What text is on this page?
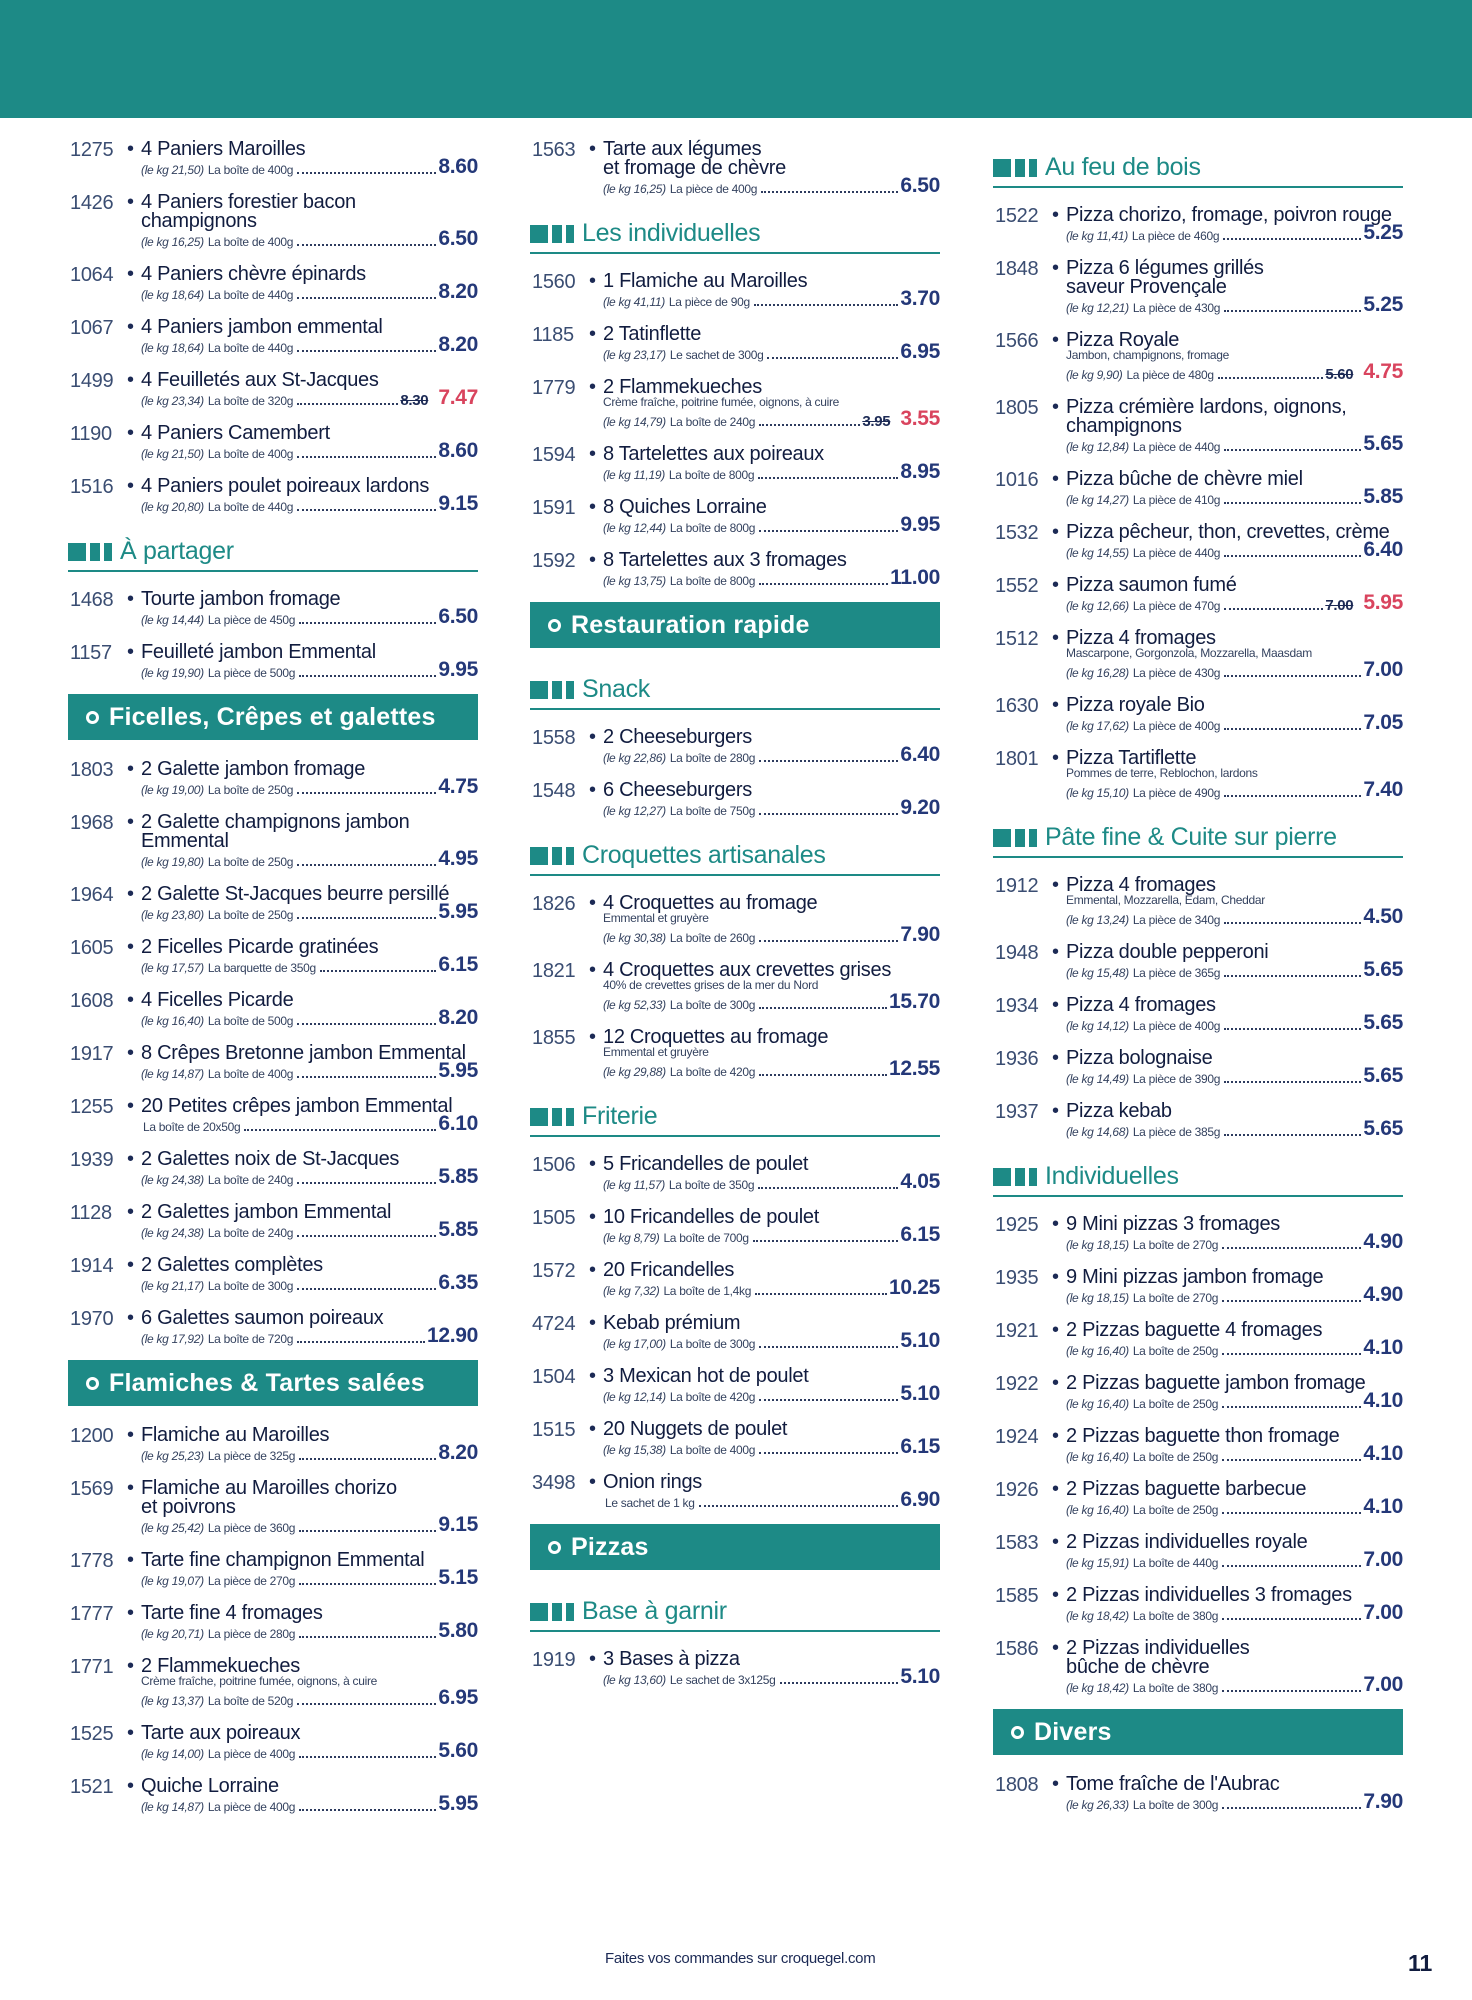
1275 • 4 Paniers Maroilles
(le kg 21,50) La boîte de 400g	8.60
1426 • 4 Paniers forestier bacon
champignons
(le kg 16,25) La boîte de 400g	6.50
1064 • 4 Paniers chèvre épinards
(le kg 18,64) La boîte de 440g	8.20
1067 • 4 Paniers jambon emmental
(le kg 18,64) La boîte de 440g	8.20
1499 • 4 Feuilletés aux St-Jacques
(le kg 23,34) La boîte de 320g	8.30 7.47
1190 • 4 Paniers Camembert
(le kg 21,50) La boîte de 400g	8.60
1516 • 4 Paniers poulet poireaux lardons
(le kg 20,80) La boîte de 440g	9.15
À partager
1468 • Tourte jambon fromage
(le kg 14,44) La pièce de 450g	6.50
1157 • Feuilleté jambon Emmental
(le kg 19,90) La pièce de 500g	9.95
Ficelles, Crêpes et galettes
1803 • 2 Galette jambon fromage
(le kg 19,00) La boîte de 250g	4.75
1968 • 2 Galette champignons jambon
Emmental
(le kg 19,80) La boîte de 250g	4.95
1964 • 2 Galette St-Jacques beurre persillé
(le kg 23,80) La boîte de 250g	5.95
1605 • 2 Ficelles Picarde gratinées
(le kg 17,57) La barquette de 350g	6.15
1608 • 4 Ficelles Picarde
(le kg 16,40) La boîte de 500g	8.20
1917 • 8 Crêpes Bretonne jambon Emmental
(le kg 14,87) La boîte de 400g	5.95
1255 • 20 Petites crêpes jambon Emmental
La boîte de 20x50g	6.10
1939 • 2 Galettes noix de St-Jacques
(le kg 24,38) La boîte de 240g	5.85
1128 • 2 Galettes jambon Emmental
(le kg 24,38) La boîte de 240g	5.85
1914 • 2 Galettes complètes
(le kg 21,17) La boîte de 300g	6.35
1970 • 6 Galettes saumon poireaux
(le kg 17,92) La boîte de 720g	12.90
Flamiches & Tartes salées
1200 • Flamiche au Maroilles
(le kg 25,23) La pièce de 325g	8.20
1569 • Flamiche au Maroilles chorizo
et poivrons
(le kg 25,42) La pièce de 360g	9.15
1778 • Tarte fine champignon Emmental
(le kg 19,07) La pièce de 270g	5.15
1777 • Tarte fine 4 fromages
(le kg 20,71) La pièce de 280g	5.80
1771 • 2 Flammekueches
Crème fraîche, poitrine fumée, oignons, à cuire
(le kg 13,37) La boîte de 520g	6.95
1525 • Tarte aux poireaux
(le kg 14,00) La pièce de 400g	5.60
1521 • Quiche Lorraine
(le kg 14,87) La pièce de 400g	5.95
1563 • Tarte aux légumes
et fromage de chèvre
(le kg 16,25) La pièce de 400g	6.50
Les individuelles
1560 • 1 Flamiche au Maroilles
(le kg 41,11) La pièce de 90g	3.70
1185 • 2 Tatinflette
(le kg 23,17) Le sachet de 300g	6.95
1779 • 2 Flammekueches
Crème fraîche, poitrine fumée, oignons, à cuire
(le kg 14,79) La boîte de 240g	3.95 3.55
1594 • 8 Tartelettes aux poireaux
(le kg 11,19) La boîte de 800g	8.95
1591 • 8 Quiches Lorraine
(le kg 12,44) La boîte de 800g	9.95
1592 • 8 Tartelettes aux 3 fromages
(le kg 13,75) La boîte de 800g	11.00
Restauration rapide
Snack
1558 • 2 Cheeseburgers
(le kg 22,86) La boîte de 280g	6.40
1548 • 6 Cheeseburgers
(le kg 12,27) La boîte de 750g	9.20
Croquettes artisanales
1826 • 4 Croquettes au fromage
Emmental et gruyère
(le kg 30,38) La boîte de 260g	7.90
1821 • 4 Croquettes aux crevettes grises
40% de crevettes grises de la mer du Nord
(le kg 52,33) La boîte de 300g	15.70
1855 • 12 Croquettes au fromage
Emmental et gruyère
(le kg 29,88) La boîte de 420g	12.55
Friterie
1506 • 5 Fricandelles de poulet
(le kg 11,57) La boîte de 350g	4.05
1505 • 10 Fricandelles de poulet
(le kg 8,79) La boîte de 700g	6.15
1572 • 20 Fricandelles
(le kg 7,32) La boîte de 1,4kg	10.25
4724 • Kebab prémium
(le kg 17,00) La boîte de 300g	5.10
1504 • 3 Mexican hot de poulet
(le kg 12,14) La boîte de 420g	5.10
1515 • 20 Nuggets de poulet
(le kg 15,38) La boîte de 400g	6.15
3498 • Onion rings
Le sachet de 1 kg	6.90
Pizzas
Base à garnir
1919 • 3 Bases à pizza
(le kg 13,60) Le sachet de 3x125g	5.10
Au feu de bois
1522 • Pizza chorizo, fromage, poivron rouge
(le kg 11,41) La pièce de 460g	5.25
1848 • Pizza 6 légumes grillés
saveur Provençale
(le kg 12,21) La pièce de 430g	5.25
1566 • Pizza Royale
Jambon, champignons, fromage
(le kg 9,90) La pièce de 480g	5.60 4.75
1805 • Pizza crémière lardons, oignons,
champignons
(le kg 12,84) La pièce de 440g	5.65
1016 • Pizza bûche de chèvre miel
(le kg 14,27) La pièce de 410g	5.85
1532 • Pizza pêcheur, thon, crevettes, crème
(le kg 14,55) La pièce de 440g	6.40
1552 • Pizza saumon fumé
(le kg 12,66) La pièce de 470g	7.00 5.95
1512 • Pizza 4 fromages
Mascarpone, Gorgonzola, Mozzarella, Maasdam
(le kg 16,28) La pièce de 430g	7.00
1630 • Pizza royale Bio
(le kg 17,62) La pièce de 400g	7.05
1801 • Pizza Tartiflette
Pommes de terre, Reblochon, lardons
(le kg 15,10) La pièce de 490g	7.40
Pâte fine & Cuite sur pierre
1912 • Pizza 4 fromages
Emmental, Mozzarella, Edam, Cheddar
(le kg 13,24) La pièce de 340g	4.50
1948 • Pizza double pepperoni
(le kg 15,48) La pièce de 365g	5.65
1934 • Pizza 4 fromages
(le kg 14,12) La pièce de 400g	5.65
1936 • Pizza bolognaise
(le kg 14,49) La pièce de 390g	5.65
1937 • Pizza kebab
(le kg 14,68) La pièce de 385g	5.65
Individuelles
1925 • 9 Mini pizzas 3 fromages
(le kg 18,15) La boîte de 270g	4.90
1935 • 9 Mini pizzas jambon fromage
(le kg 18,15) La boîte de 270g	4.90
1921 • 2 Pizzas baguette 4 fromages
(le kg 16,40) La boîte de 250g	4.10
1922 • 2 Pizzas baguette jambon fromage
(le kg 16,40) La boîte de 250g	4.10
1924 • 2 Pizzas baguette thon fromage
(le kg 16,40) La boîte de 250g	4.10
1926 • 2 Pizzas baguette barbecue
(le kg 16,40) La boîte de 250g	4.10
1583 • 2 Pizzas individuelles royale
(le kg 15,91) La boîte de 440g	7.00
1585 • 2 Pizzas individuelles 3 fromages
(le kg 18,42) La boîte de 380g	7.00
1586 • 2 Pizzas individuelles
bûche de chèvre
(le kg 18,42) La boîte de 380g	7.00
Divers
1808 • Tome fraîche de l'Aubrac
(le kg 26,33) La boîte de 300g	7.90
Faites vos commandes sur croquegel.com	11
